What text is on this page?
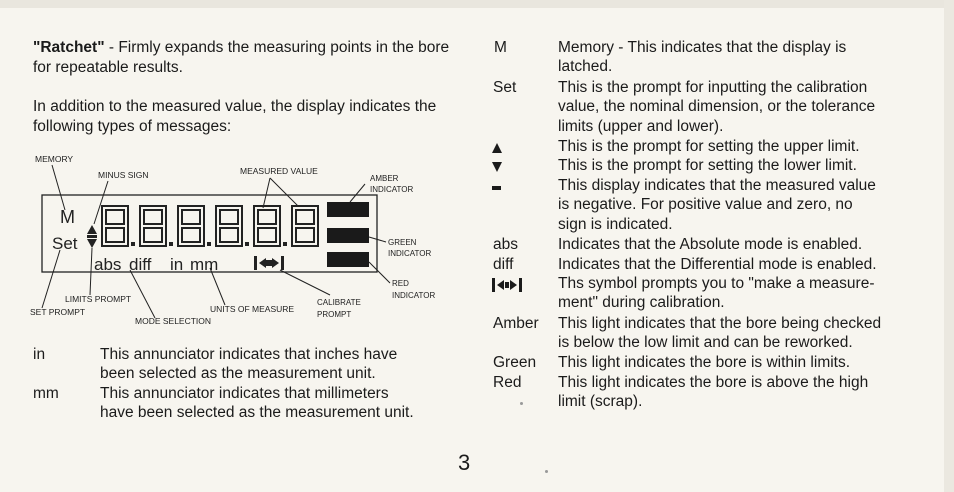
"Ratchet" - Firmly expands the measuring points in the bore for repeatable results.
In addition to the measured value, the display indicates the following types of messages:
MEMORY
MINUS SIGN	MEASURED VALUE
AMBER
INDICATOR
GREEN
INDICATOR
RED
INDICATOR
LIMITS PROMPT
SET PROMPT	UNITS OF MEASURE
CALIBRATE
PROMPT
MODE SELECTION
M
Set
abs diff in mm
in	This annunciator indicates that inches have
been selected as the measurement unit.
mm	This annunciator indicates that millimeters
have been selected as the measurement unit.
M	Memory - This indicates that the display is
latched.
Set	This is the prompt for inputting the calibration
value, the nominal dimension, or the tolerance
limits (upper and lower).
This is the prompt for setting the upper limit.
This is the prompt for setting the lower limit.
This display indicates that the measured value
is negative. For positive value and zero, no
sign is indicated.
abs	Indicates that the Absolute mode is enabled.
diff	Indicates that the Differential mode is enabled.
Ths symbol prompts you to "make a measure-
ment" during calibration.
Amber This light indicates that the bore being checked
is below the low limit and can be reworked.
Green This light indicates the bore is within limits.
Red This light indicates the bore is above the high
limit (scrap).
3
